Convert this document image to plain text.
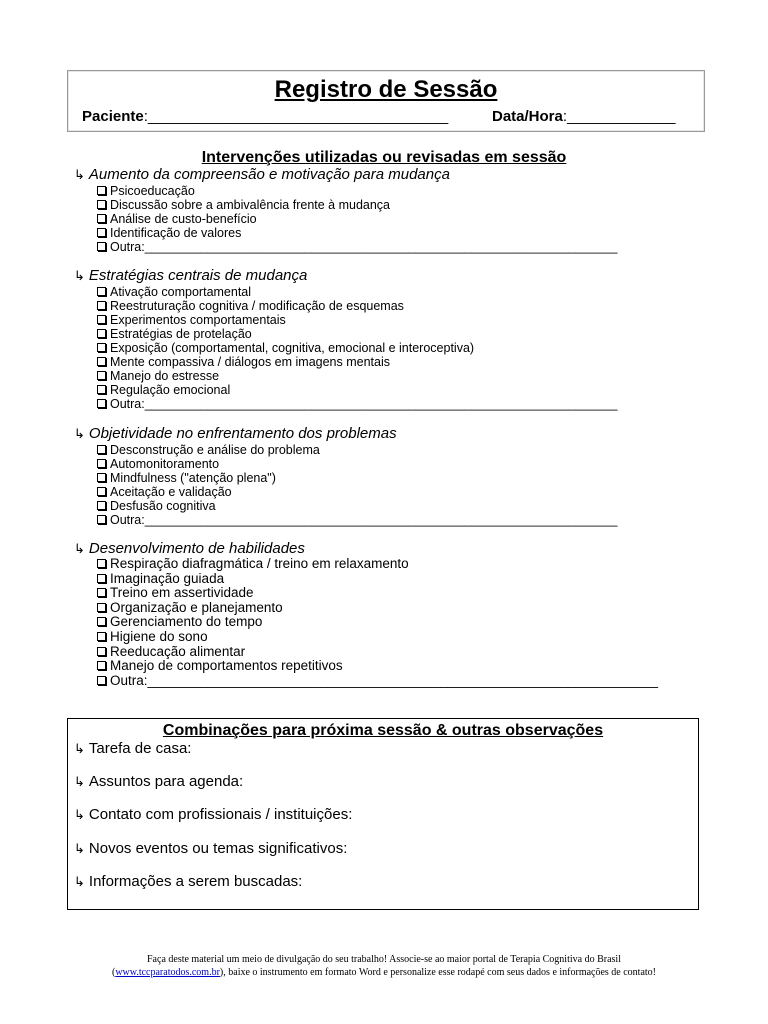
Registro de Sessão
Paciente:____________________________________	Data/Hora:_____________
Intervenções utilizadas ou revisadas em sessão
↳ Aumento da compreensão e motivação para mudança
Psicoeducação
Discussão sobre a ambivalência frente à mudança
Análise de custo-benefício
Identificação de valores
Outra:____________________________________________________________________
↳ Estratégias centrais de mudança
Ativação comportamental
Reestruturação cognitiva / modificação de esquemas
Experimentos comportamentais
Estratégias de protelação
Exposição (comportamental, cognitiva, emocional e interoceptiva)
Mente compassiva / diálogos em imagens mentais
Manejo do estresse
Regulação emocional
Outra:____________________________________________________________________
↳ Objetividade no enfrentamento dos problemas
Desconstrução e análise do problema
Automonitoramento
Mindfulness ("atenção plena")
Aceitação e validação
Desfusão cognitiva
Outra:____________________________________________________________________
↳ Desenvolvimento de habilidades
Respiração diafragmática / treino em relaxamento
Imaginação guiada
Treino em assertividade
Organização e planejamento
Gerenciamento do tempo
Higiene do sono
Reeducação alimentar
Manejo de comportamentos repetitivos
Outra:____________________________________________________________________
Combinações para próxima sessão & outras observações
↳ Tarefa de casa:
↳ Assuntos para agenda:
↳ Contato com profissionais / instituições:
↳ Novos eventos ou temas significativos:
↳ Informações a serem buscadas:
Faça deste material um meio de divulgação do seu trabalho! Associe-se ao maior portal de Terapia Cognitiva do Brasil
(www.tccparatodos.com.br), baixe o instrumento em formato Word e personalize esse rodapé com seus dados e informações de contato!
